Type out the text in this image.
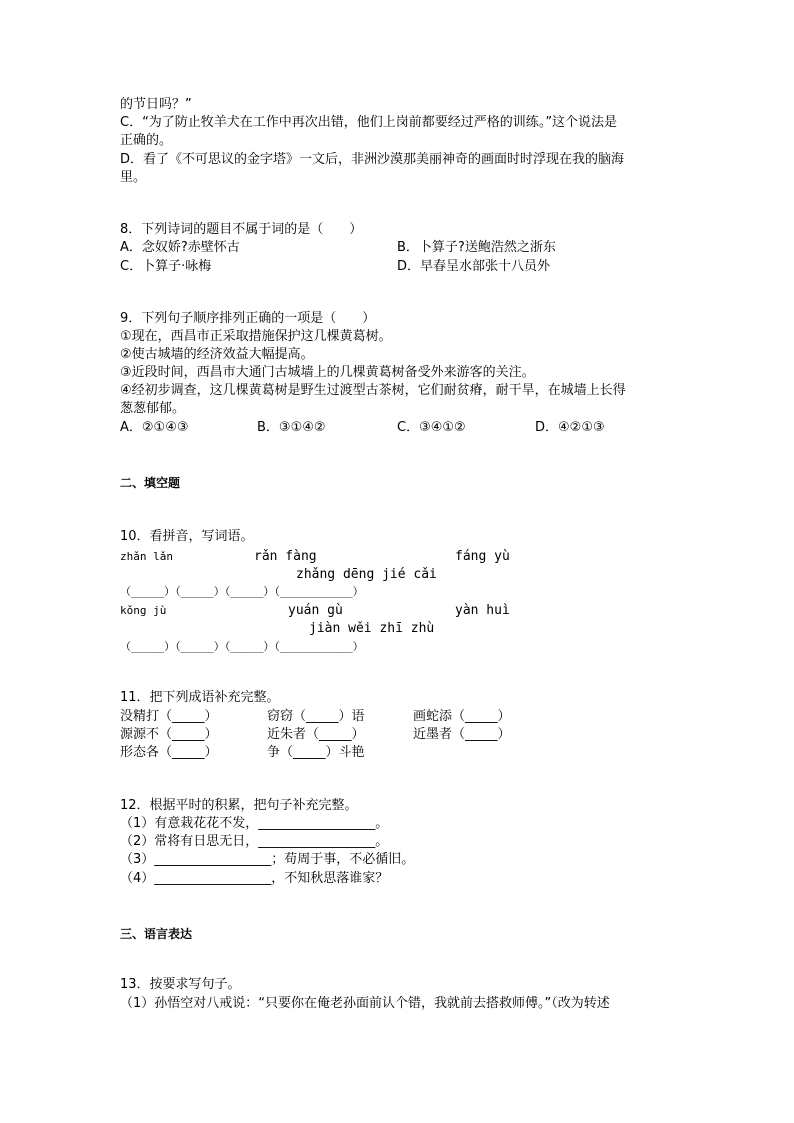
的节日吗？”
C．“为了防止牧羊犬在工作中再次出错，他们上岗前都要经过严格的训练。”这个说法是
正确的。
D．看了《不可思议的金字塔》一文后，非洲沙漠那美丽神奇的画面时时浮现在我的脑海
里。
8．下列诗词的题目不属于词的是（　　）
A．念奴娇?赤壁怀古	B．卜算子?送鲍浩然之浙东
C．卜算子·咏梅	D．早春呈水部张十八员外
9．下列句子顺序排列正确的一项是（　　）
①现在，西昌市正采取措施保护这几棵黄葛树。
②使古城墙的经济效益大幅提高。
③近段时间，西昌市大通门古城墙上的几棵黄葛树备受外来游客的关注。
④经初步调查，这几棵黄葛树是野生过渡型古茶树，它们耐贫瘠，耐干旱，在城墙上长得
葱葱郁郁。
A．②①④③	B．③①④②	C．③④①②	D．④②①③
二、填空题
10．看拼音，写词语。
zhǎn lǎn	rǎn fàng	fáng yù
zhǎng dēng jié cǎi
（_____）（_____）（_____）（___________）
kǒng jù	yuán gù	yàn huì
jiàn wěi zhī zhù
（_____）（_____）（_____）（___________）
11．把下列成语补充完整。
没精打（_____）	窃窃（_____）语	画蛇添（_____）
源源不（_____）	近朱者（_____）	近墨者（_____）
形态各（_____）	争（_____）斗艳
12．根据平时的积累，把句子补充完整。
（1）有意栽花花不发，__________________。
（2）常将有日思无日，__________________。
（3）__________________；苟周于事，不必循旧。
（4）__________________，不知秋思落谁家？
三、语言表达
13．按要求写句子。
（1）孙悟空对八戒说：“只要你在俺老孙面前认个错，我就前去搭救师傅。”（改为转述
